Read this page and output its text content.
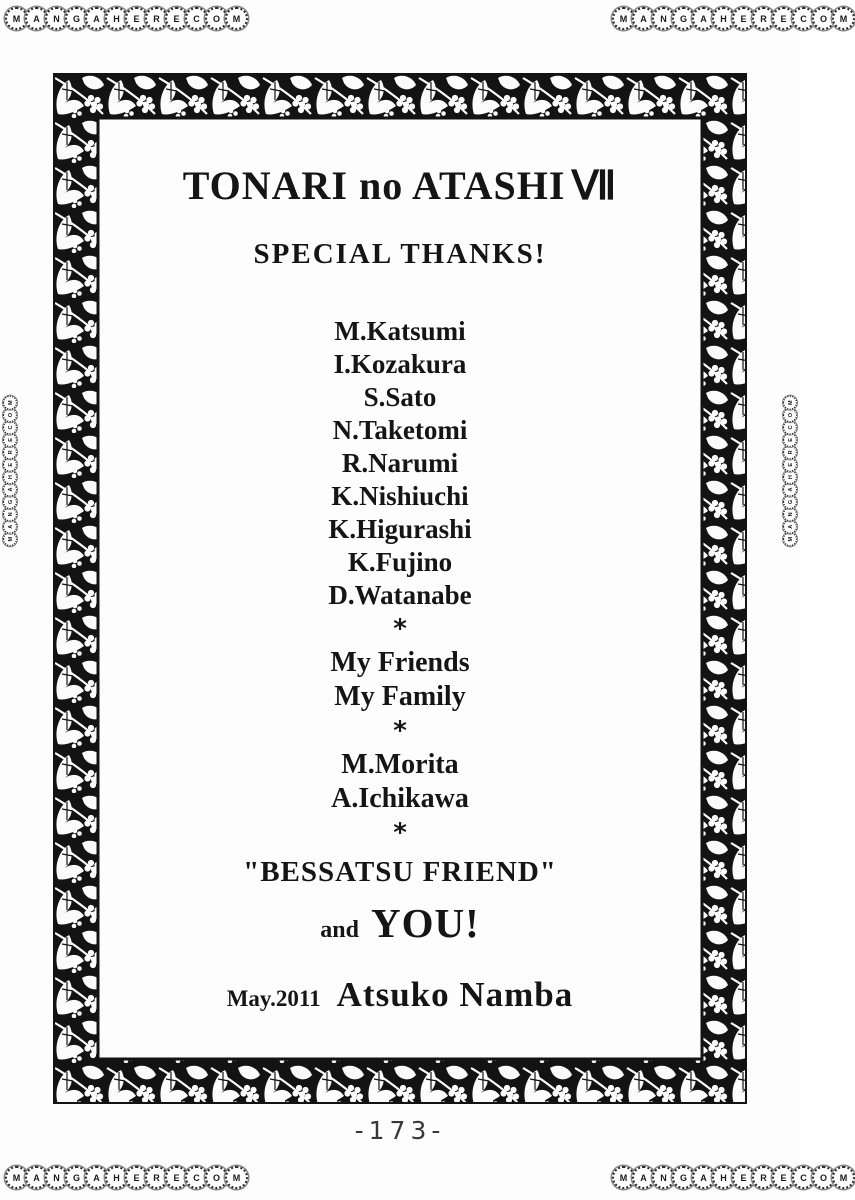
M	A	N	G	A	H	E	R	E	C	O	M	M	A	N	G	A	H	E	R	E	C	O	M
M
A
N
G
A
H
E
R
E
C
O
M
M
A
N
G
A
H
E
R
E
C
O
M
M	A	N	G	A	H	E	R	E	C	O	M	M	A	N	G	A	H	E	R	E	C	O	M
TONARI no ATASHI Ⅶ
SPECIAL THANKS!
M.Katsumi
I.Kozakura
S.Sato
N.Taketomi
R.Narumi
K.Nishiuchi
K.Higurashi
K.Fujino
D.Watanabe
*
My Friends
My Family
*
M.Morita
A.Ichikawa
*
"BESSATSU FRIEND"
and YOU!
May.2011 Atsuko Namba
-173-
